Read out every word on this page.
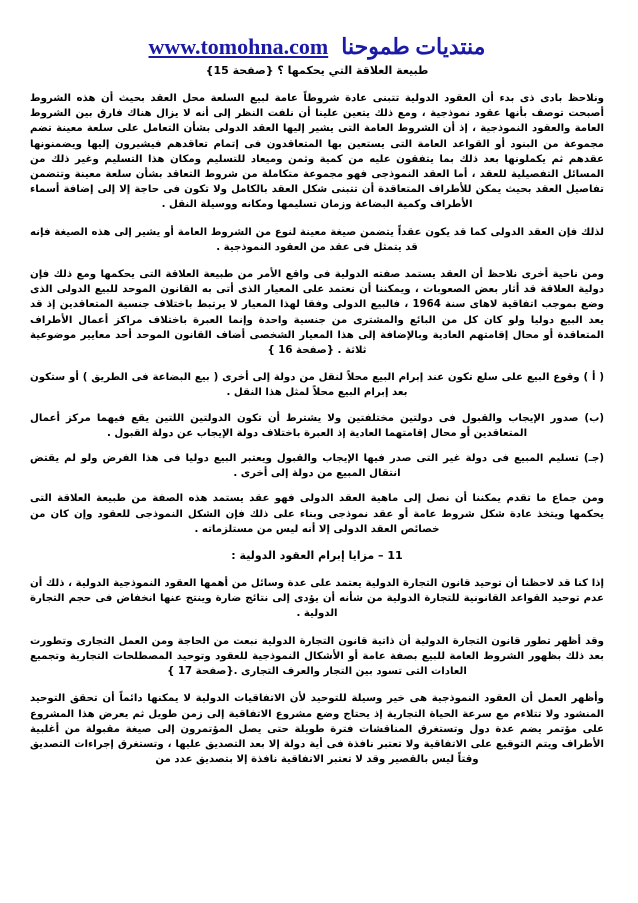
www.tomohna.com منتديات طموحنا
طبيعة العلاقة التي يحكمها ؟ {صفحة 15}

ونلاحظ بادى ذى بدء أن العقود الدولية تتبنى عادة شروطاً عامة لبيع السلعة محل العقد بحيث أن هذه الشروط أصبحت توصف بأنها عقود نموذجية ، ومع ذلك يتعين علينا أن نلفت النظر إلى أنه لا يزال هناك فارق بين الشروط العامة والعقود النموذجية ، إذ أن الشروط العامة التى يشير إليها العقد الدولى بشأن التعامل على سلعة معينة تضم مجموعة من البنود أو القواعد العامة التى يستعين بها المتعاقدون فى إتمام تعاقدهم فيشيرون إليها ويضمنونها عقدهم ثم يكملونها بعد ذلك بما يتفقون عليه من كمية وثمن وميعاد للتسليم ومكان هذا التسليم وغير ذلك من المسائل التفصيلية للعقد ، أما العقد النموذجى فهو مجموعة متكاملة من شروط التعاقد بشأن سلعة معينة وتتضمن تفاصيل العقد بحيث يمكن للأطراف المتعاقدة أن تتبنى شكل العقد بالكامل ولا تكون فى حاجة إلا إلى إضافة أسماء الأطراف وكمية البضاعة وزمان تسليمها ومكانه ووسيلة النقل .

لذلك فإن العقد الدولى كما قد يكون عقداً يتضمن صيغة معينة لنوع من الشروط العامة أو يشير إلى هذه الصيغة فإنه قد يتمثل فى عقد من العقود النموذجية .

ومن ناحية أخرى نلاحظ أن العقد يستمد صفته الدولية فى واقع الأمر من طبيعة العلاقة التى يحكمها ومع ذلك فإن دولية العلاقة قد أثار بعض الصعوبات ، ويمكننا أن نعتمد على المعيار الذى أتى به القانون الموحد للبيع الدولى الذى وضع بموجب اتفاقية لاهاى سنة 1964 ، فالبيع الدولى وفقا لهذا المعيار لا يرتبط باختلاف جنسية المتعاقدين إذ قد يعد البيع دوليا ولو كان كل من البائع والمشترى من جنسية واحدة وإنما العبرة باختلاف مراكز أعمال الأطراف المتعاقدة أو محال إقامتهم العادية وبالإضافة إلى هذا المعيار الشخصى أضاف القانون الموحد أحد معايير موضوعية ثلاثة . {صفحة 16 }

( أ ) وقوع البيع على سلع تكون عند إبرام البيع محلاً لنقل من دولة إلى أخرى ( بيع البضاعة فى الطريق ) أو ستكون بعد إبرام البيع محلاً لمثل هذا النقل .

(ب) صدور الإيجاب والقبول فى دولتين مختلفتين ولا يشترط أن تكون الدولتين اللتين يقع فيهما مركز أعمال المتعاقدين أو محال إقامتهما العادية إذ العبرة باختلاف دولة الإيجاب عن دولة القبول .

(جـ) تسليم المبيع فى دولة غير التى صدر فيها الإيجاب والقبول ويعتبر البيع دوليا فى هذا الفرض ولو لم يقتض انتقال المبيع من دولة إلى أخرى .

ومن جماع ما تقدم يمكننا أن نصل إلى ماهية العقد الدولى فهو عقد يستمد هذه الصفة من طبيعة العلاقة التى يحكمها ويتخذ عادة شكل شروط عامة أو عقد نموذجى وبناء على ذلك فإن الشكل النموذجى للعقود وإن كان من خصائص العقد الدولى إلا أنه ليس من مستلزماته .

11 – مزايا إبرام العقود الدولية :

إذا كنا قد لاحظنا أن توحيد قانون التجارة الدولية يعتمد على عدة وسائل من أهمها العقود النموذجية الدولية ، ذلك أن عدم توحيد القواعد القانونية للتجارة الدولية من شأنه أن يؤدى إلى نتائج ضارة وينتج عنها انخفاض فى حجم التجارة الدولية .

وقد أظهر تطور قانون التجارة الدولية أن ذاتية قانون التجارة الدولية نبعت من الحاجة ومن العمل التجارى وتطورت بعد ذلك بظهور الشروط العامة للبيع بصفة عامة أو الأشكال النموذجية للعقود وتوحيد المصطلحات التجارية وتجميع العادات التى تسود بين التجار والعرف التجارى .{صفحة 17 }

وأظهر العمل أن العقود النموذجية هى خير وسيلة للتوحيد لأن الاتفاقيات الدولية لا يمكنها دائماً أن تحقق التوحيد المنشود ولا تتلاءم مع سرعة الحياة التجارية إذ يحتاج وضع مشروع الاتفاقية إلى زمن طويل ثم يعرض هذا المشروع على مؤتمر يضم عدة دول وتستغرق المناقشات فترة طويلة حتى يصل المؤتمرون إلى صيغة مقبولة من أغلبية الأطراف ويتم التوقيع على الاتفاقية ولا تعتبر نافذة فى أية دولة إلا بعد التصديق عليها ، وتستغرق إجراءات التصديق وقتاً ليس بالقصير وقد لا تعتبر الاتفاقية نافذة إلا بتصديق عدد من
